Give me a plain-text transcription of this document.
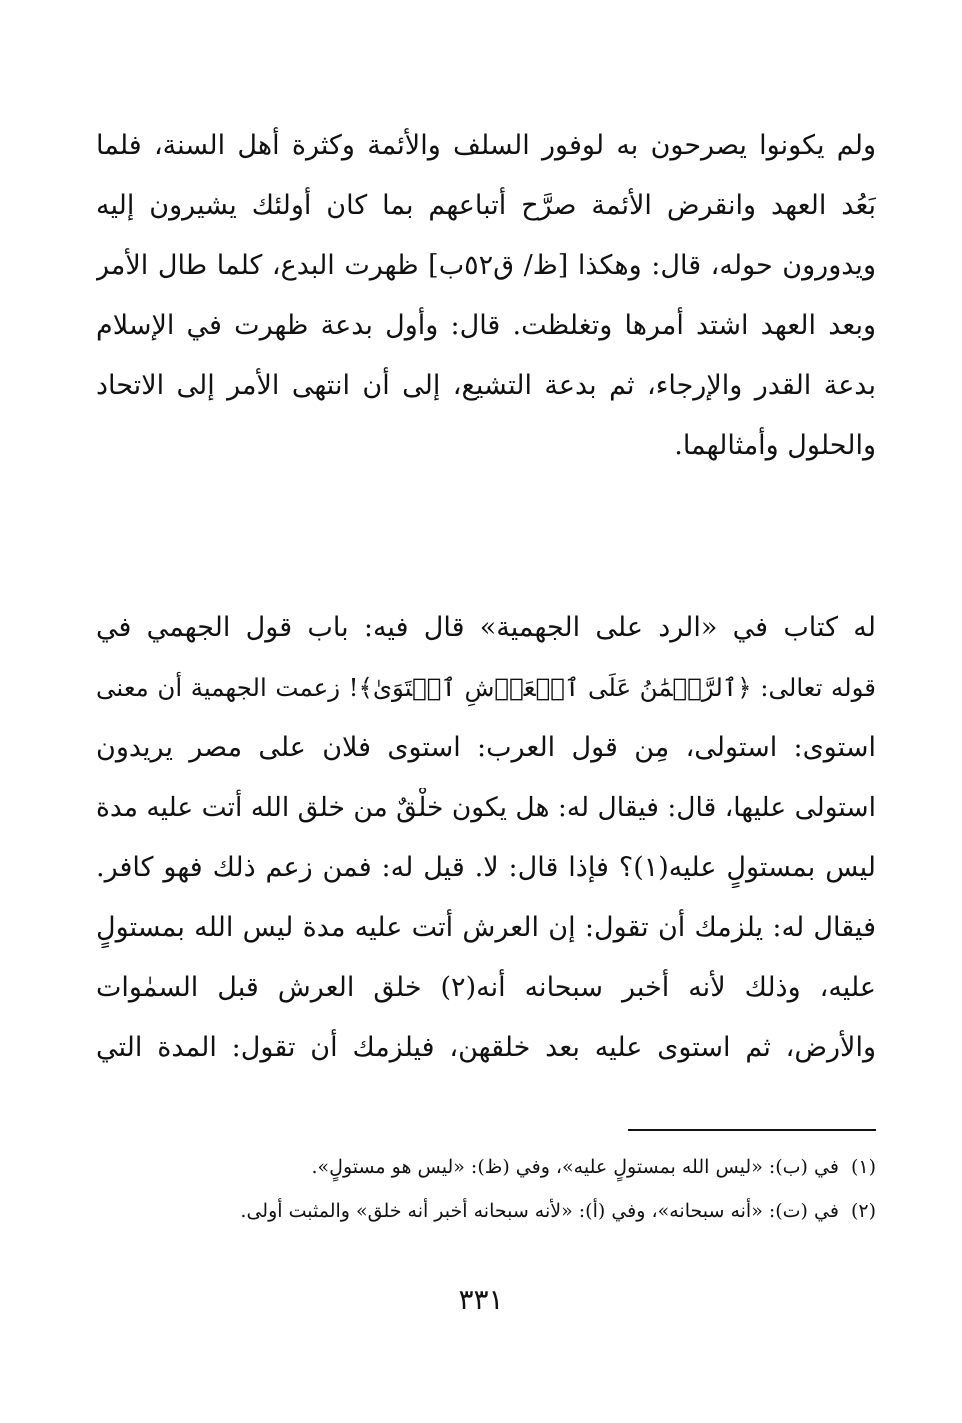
ولم يكونوا يصرحون به لوفور السلف والأئمة وكثرة أهل السنة، فلما
بَعُد العهد وانقرض الأئمة صرَّح أتباعهم بما كان أولئك يشيرون إليه
ويدورون حوله، قال: وهكذا [ظ/ ق٥٢ب] ظهرت البدع، كلما طال الأمر
وبعد العهد اشتد أمرها وتغلظت. قال: وأول بدعة ظهرت في الإسلام
بدعة القدر والإرجاء، ثم بدعة التشيع، إلى أن انتهى الأمر إلى الاتحاد
والحلول وأمثالهما.
له كتاب في «الرد على الجهمية» قال فيه: باب قول الجهمي في
قوله تعالى: ﴿ٱلرَّحۡمَٰنُ عَلَى ٱلۡعَرۡشِ ٱسۡتَوَىٰ﴾! زعمت الجهمية أن معنى
استوى: استولى، مِن قول العرب: استوى فلان على مصر يريدون
استولى عليها، قال: فيقال له: هل يكون خلْقٌ من خلق الله أتت عليه مدة
ليس بمستولٍ عليه(١)؟ فإذا قال: لا. قيل له: فمن زعم ذلك فهو كافر.
فيقال له: يلزمك أن تقول: إن العرش أتت عليه مدة ليس الله بمستولٍ
عليه، وذلك لأنه أخبر سبحانه أنه(٢) خلق العرش قبل السمٰوات
والأرض، ثم استوى عليه بعد خلقهن، فيلزمك أن تقول: المدة التي
(١)في (ب): «ليس الله بمستولٍ عليه»، وفي (ظ): «ليس هو مستولٍ».
(٢)في (ت): «أنه سبحانه»، وفي (أ): «لأنه سبحانه أخبر أنه خلق» والمثبت أولى.
٣٣١
